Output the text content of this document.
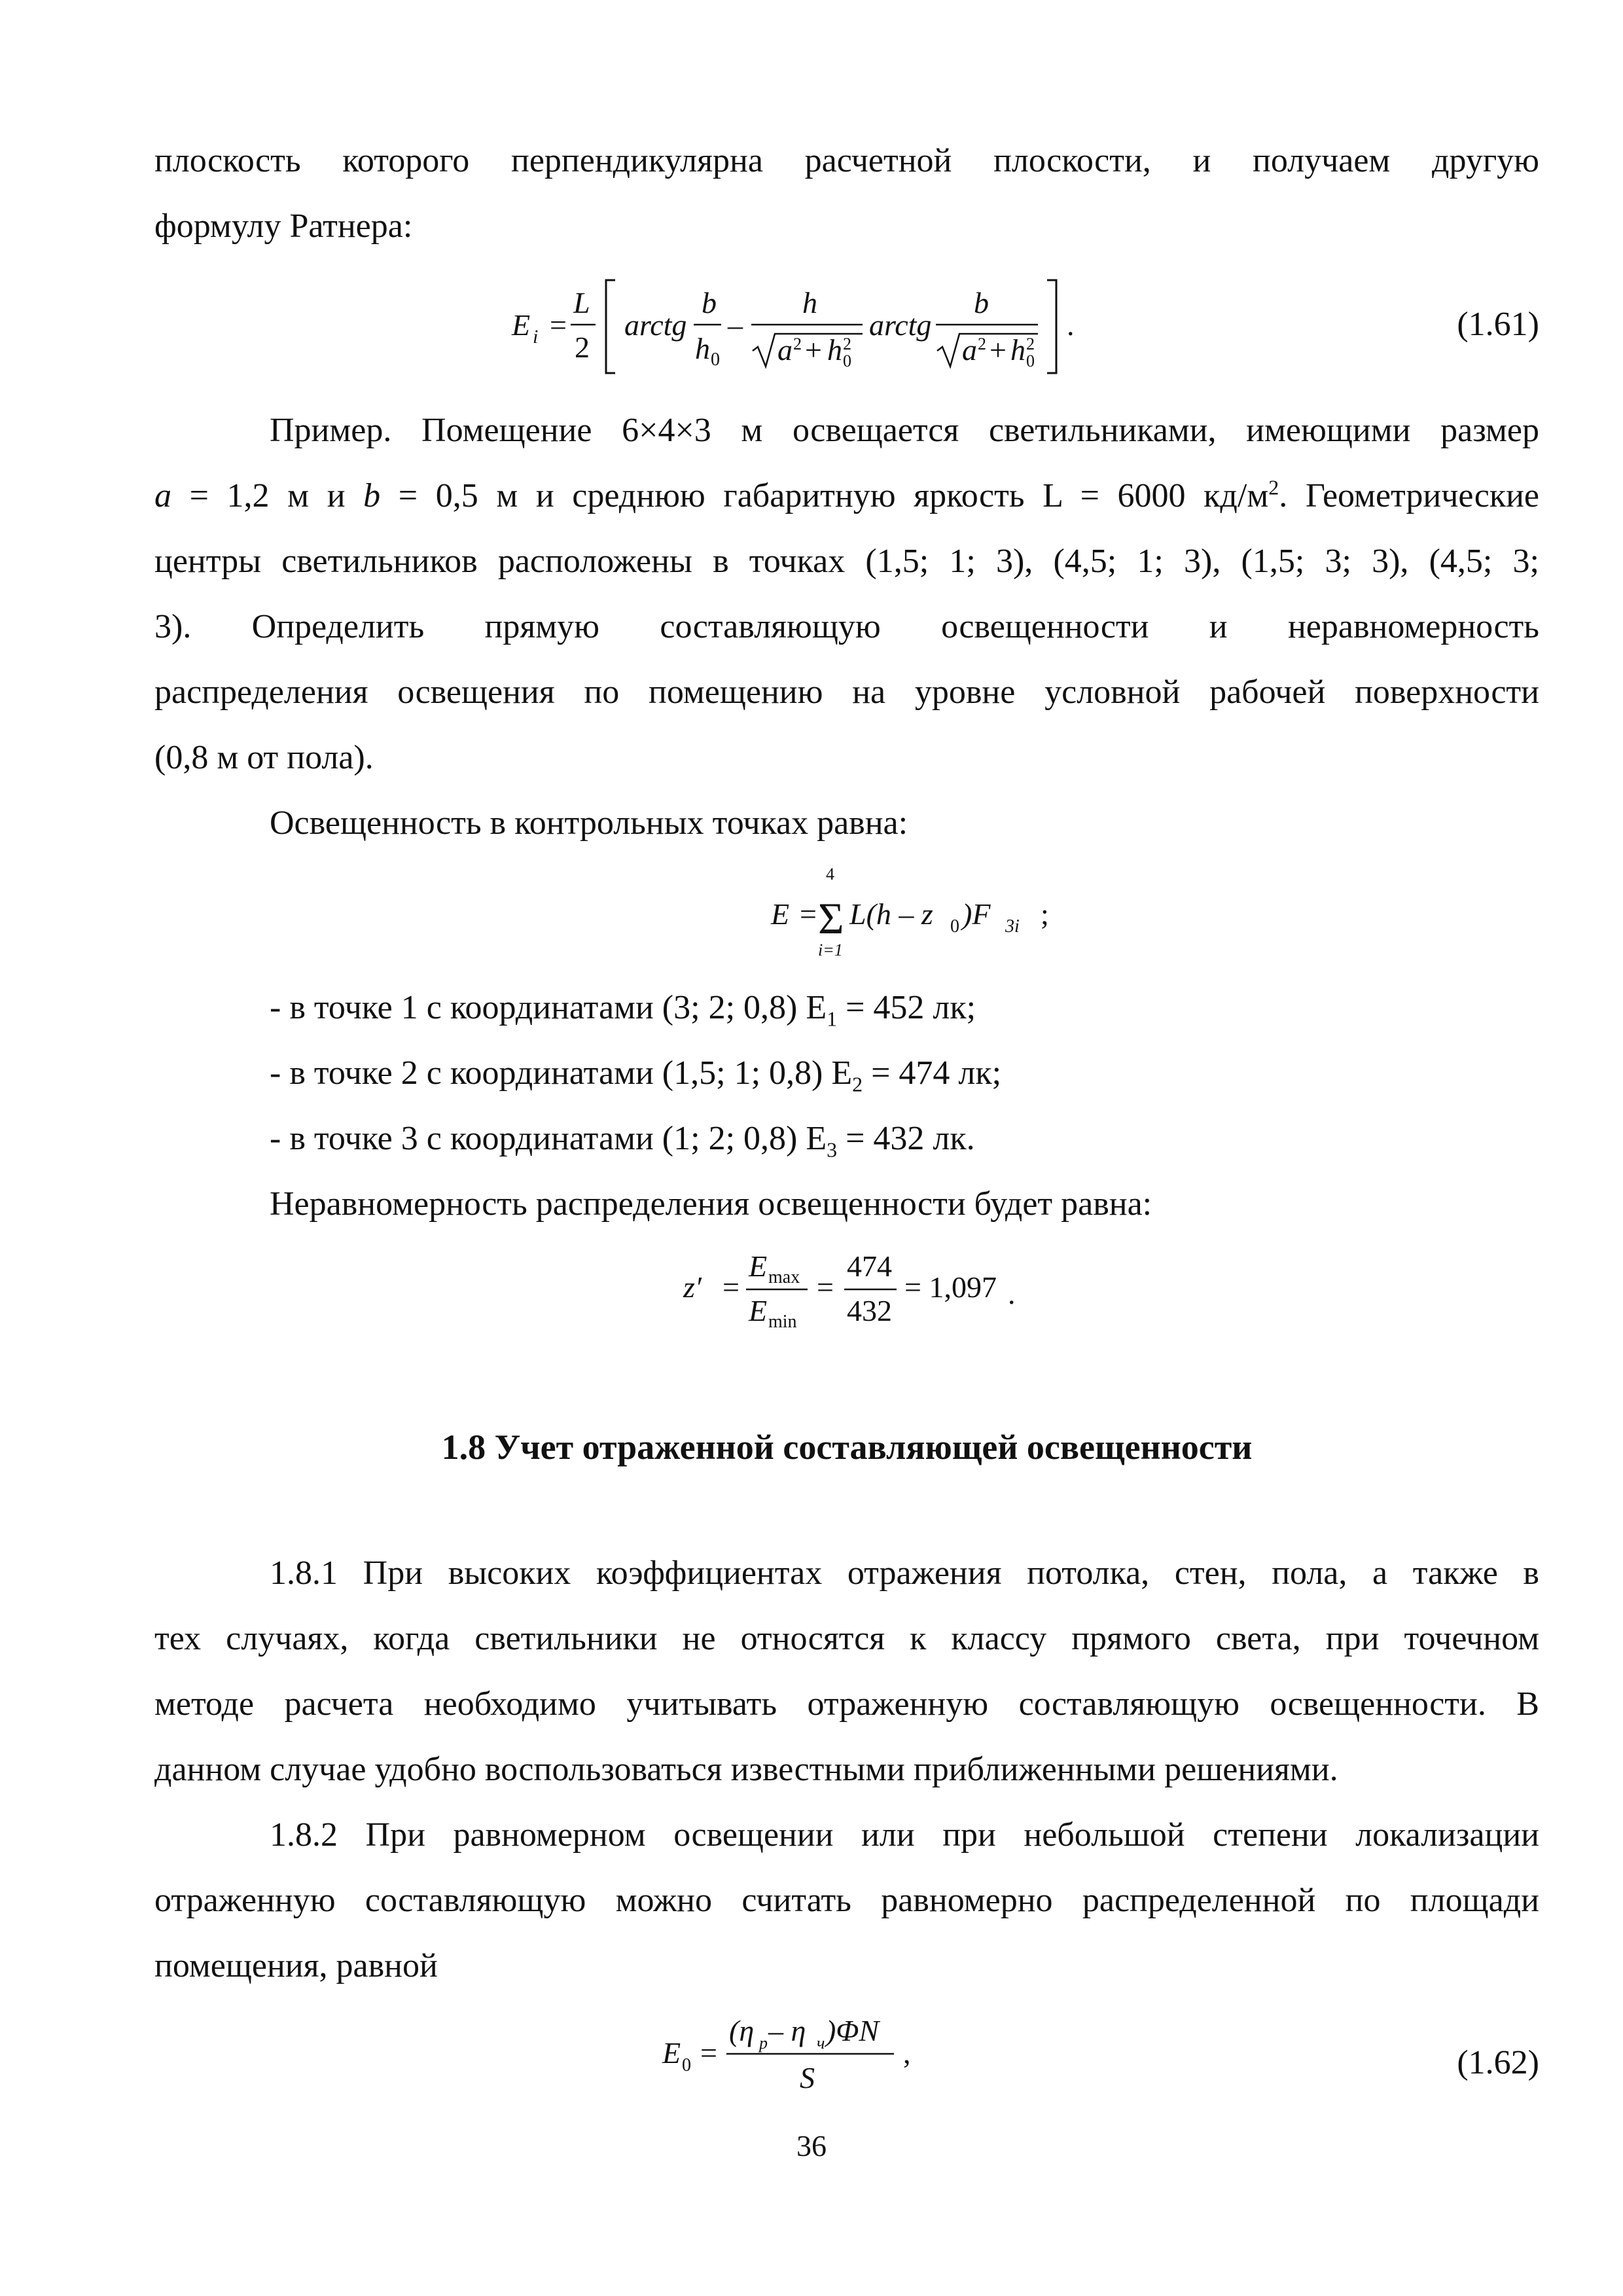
плоскость которого перпендикулярна расчетной плоскости, и получаем другую

формулу Ратнера:

E i =
L
2
arctg
b
h 0
–
h
a 2 + h 2
0
arctg
b
a 2 + h 2
0
.	(1.61)

Пример. Помещение 6×4×3 м освещается светильниками, имеющими размер

a = 1,2 м и b = 0,5 м и среднюю габаритную яркость L = 6000 $кд/м^2$. Геометрические

центры светильников расположены в точках (1,5; 1; 3), (4,5; 1; 3), (1,5; 3; 3), (4,5; 3;

3). Определить прямую составляющую освещенности и неравномерность

распределения освещения по помещению на уровне условной рабочей поверхности

(0,8 м от пола).

Освещенность в контрольных точках равна:

E =
4
Σ
i=1
L(h – z 0 )F 3i ;
- в точке 1 с координатами (3; 2; 0,8) $E_1 = 452$ лк;
- в точке 2 с координатами (1,5; 1; 0,8) $E_2 = 474$ лк;
- в точке 3 с координатами (1; 2; 0,8) $E_3 = 432$ лк.

Неравномерность распределения освещенности будет равна:

z′ =
E max
E min
=
474
432
= 1,097 .
1.8 Учет отраженной составляющей освещенности

1.8.1 При высоких коэффициентах отражения потолка, стен, пола, а также в

тех случаях, когда светильники не относятся к классу прямого света, при точечном

методе расчета необходимо учитывать отраженную составляющую освещенности. В

данном случае удобно воспользоваться известными приближенными решениями.

1.8.2 При равномерном освещении или при небольшой степени локализации

отраженную составляющую можно считать равномерно распределенной по площади

помещения, равной

E 0 =
(η р – η ч )ΦN
S
,	(1.62)
36
